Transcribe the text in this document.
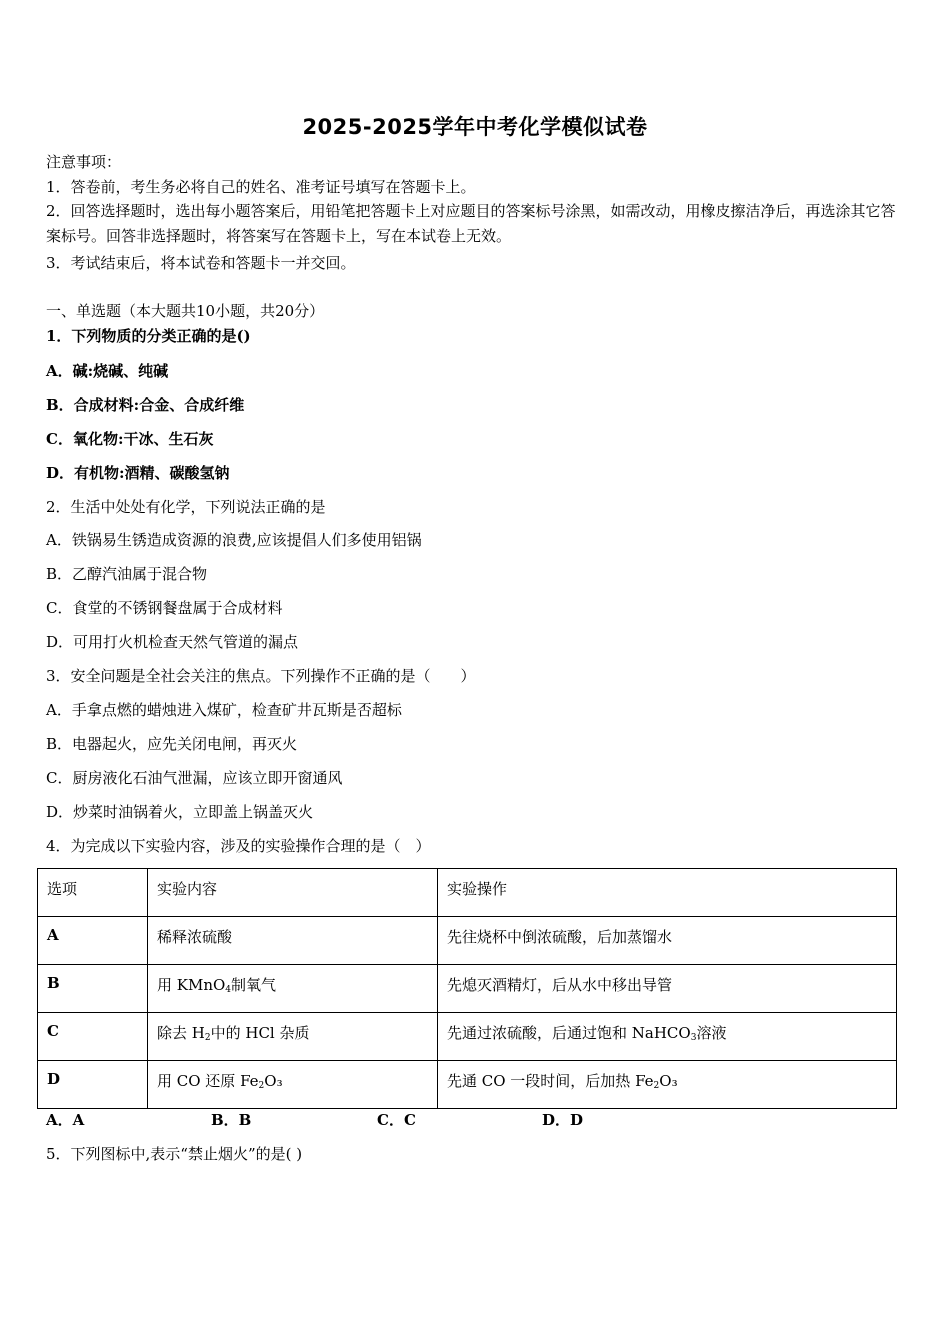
2025-2025学年中考化学模似试卷
注意事项：
1．答卷前，考生务必将自己的姓名、准考证号填写在答题卡上。
2．回答选择题时，选出每小题答案后，用铅笔把答题卡上对应题目的答案标号涂黑，如需改动，用橡皮擦洁净后，再选涂其它答案标号。回答非选择题时，将答案写在答题卡上，写在本试卷上无效。
3．考试结束后，将本试卷和答题卡一并交回。
一、单选题（本大题共10小题，共20分）
1．下列物质的分类正确的是()
A．碱:烧碱、纯碱
B．合成材料:合金、合成纤维
C．氧化物:干冰、生石灰
D．有机物:酒精、碳酸氢钠
2．生活中处处有化学，下列说法正确的是
A．铁锅易生锈造成资源的浪费,应该提倡人们多使用铝锅
B．乙醇汽油属于混合物
C．食堂的不锈钢餐盘属于合成材料
D．可用打火机检查天然气管道的漏点
3．安全问题是全社会关注的焦点。下列操作不正确的是（　　）
A．手拿点燃的蜡烛进入煤矿，检查矿井瓦斯是否超标
B．电器起火，应先关闭电闸，再灭火
C．厨房液化石油气泄漏，应该立即开窗通风
D．炒菜时油锅着火，立即盖上锅盖灭火
4．为完成以下实验内容，涉及的实验操作合理的是（　）
选项	实验内容	实验操作
A	稀释浓硫酸	先往烧杯中倒浓硫酸，后加蒸馏水
B	用 KMnO$_4$制氧气	先熄灭酒精灯，后从水中移出导管
C	除去 $H_2$中的 HCl 杂质	先通过浓硫酸，后通过饱和 NaHCO$_3$溶液
D	用 CO 还原 $Fe_2O_3$	先通 CO 一段时间，后加热 $Fe_2O_3$
A．A	B．B	C．C	D．D
5．下列图标中,表示“禁止烟火”的是( )
